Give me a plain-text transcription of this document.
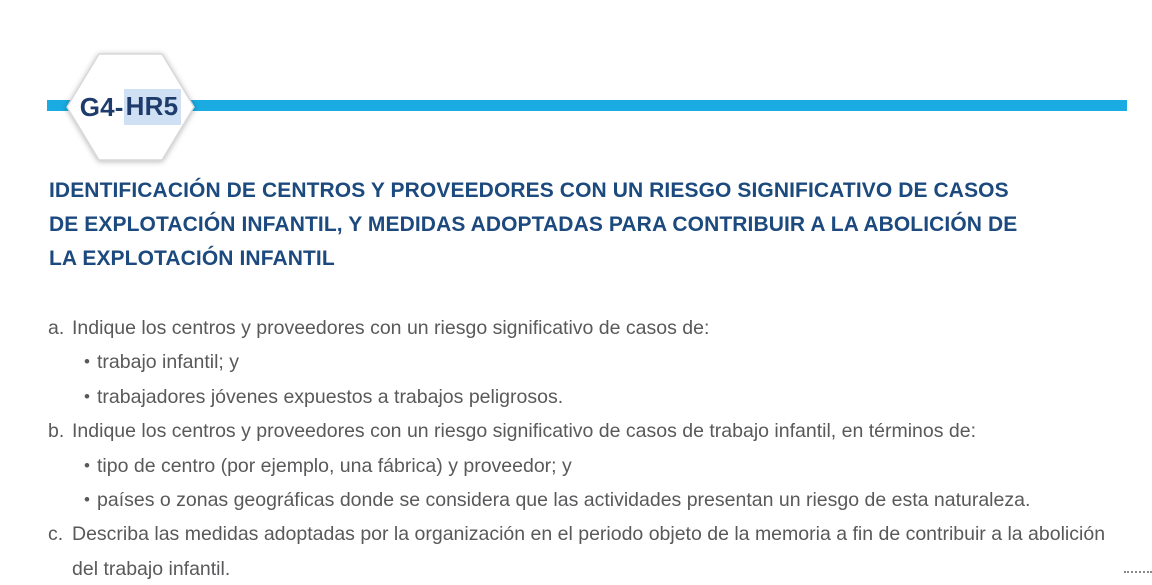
G4- HR5
IDENTIFICACIÓN DE CENTROS Y PROVEEDORES CON UN RIESGO SIGNIFICATIVO DE CASOS
DE EXPLOTACIÓN INFANTIL, Y MEDIDAS ADOPTADAS PARA CONTRIBUIR A LA ABOLICIÓN DE
LA EXPLOTACIÓN INFANTIL
a. Indique los centros y proveedores con un riesgo significativo de casos de:
• trabajo infantil; y
• trabajadores jóvenes expuestos a trabajos peligrosos.
b. Indique los centros y proveedores con un riesgo significativo de casos de trabajo infantil, en términos de:
• tipo de centro (por ejemplo, una fábrica) y proveedor; y
• países o zonas geográficas donde se considera que las actividades presentan un riesgo de esta naturaleza.
c. Describa las medidas adoptadas por la organización en el periodo objeto de la memoria a fin de contribuir a la abolición del trabajo infantil.
